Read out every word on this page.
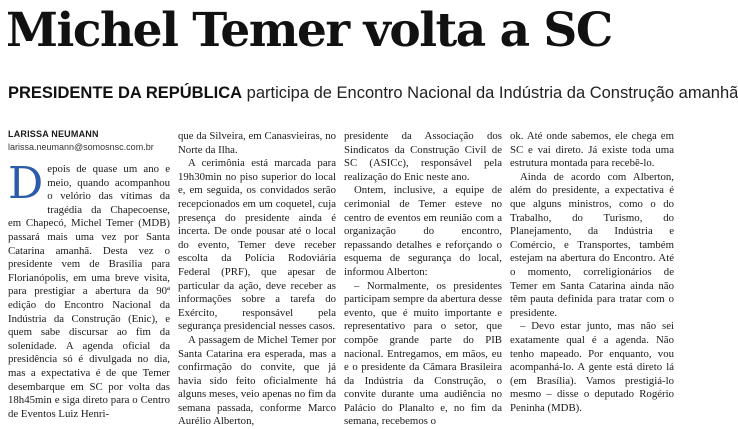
Michel Temer volta a SC

PRESIDENTE DA REPÚBLICA participa de Encontro Nacional da Indústria da Construção amanhã

LARISSA NEUMANN
larissa.neumann@somosnsc.com.br

Depois de quase um ano e meio, quando acompanhou o velório das vítimas da tragédia da Chapecoense, em Chapecó, Michel Temer (MDB) passará mais uma vez por Santa Catarina amanhã. Desta vez o presidente vem de Brasília para Florianópolis, em uma breve visita, para prestigiar a abertura da 90ª edição do Encontro Nacional da Indústria da Construção (Enic), e quem sabe discursar ao fim da solenidade. A agenda oficial da presidência só é divulgada no dia, mas a expectativa é de que Temer desembarque em SC por volta das 18h45min e siga direto para o Centro de Eventos Luiz Henri-

que da Silveira, em Canasvieiras, no Norte da Ilha.

A cerimônia está marcada para 19h30min no piso superior do local e, em seguida, os convidados serão recepcionados em um coquetel, cuja presença do presidente ainda é incerta. De onde pousar até o local do evento, Temer deve receber escolta da Polícia Rodoviária Federal (PRF), que apesar de particular da ação, deve receber as informações sobre a tarefa do Exército, responsável pela segurança presidencial nesses casos.

A passagem de Michel Temer por Santa Catarina era esperada, mas a confirmação do convite, que já havia sido feito oficialmente há alguns meses, veio apenas no fim da semana passada, conforme Marco Aurélio Alberton,

presidente da Associação dos Sindicatos da Construção Civil de SC (ASICc), responsável pela realização do Enic neste ano.

Ontem, inclusive, a equipe de cerimonial de Temer esteve no centro de eventos em reunião com a organização do encontro, repassando detalhes e reforçando o esquema de segurança do local, informou Alberton:

– Normalmente, os presidentes participam sempre da abertura desse evento, que é muito importante e representativo para o setor, que compõe grande parte do PIB nacional. Entregamos, em mãos, eu e o presidente da Câmara Brasileira da Indústria da Construção, o convite durante uma audiência no Palácio do Planalto e, no fim da semana, recebemos o

ok. Até onde sabemos, ele chega em SC e vai direto. Já existe toda uma estrutura montada para recebê-lo.

Ainda de acordo com Alberton, além do presidente, a expectativa é que alguns ministros, como o do Trabalho, do Turismo, do Planejamento, da Indústria e Comércio, e Transportes, também estejam na abertura do Encontro. Até o momento, correligionários de Temer em Santa Catarina ainda não têm pauta definida para tratar com o presidente.

– Devo estar junto, mas não sei exatamente qual é a agenda. Não tenho mapeado. Por enquanto, vou acompanhá-lo. A gente está direto lá (em Brasília). Vamos prestigiá-lo mesmo – disse o deputado Rogério Peninha (MDB).
